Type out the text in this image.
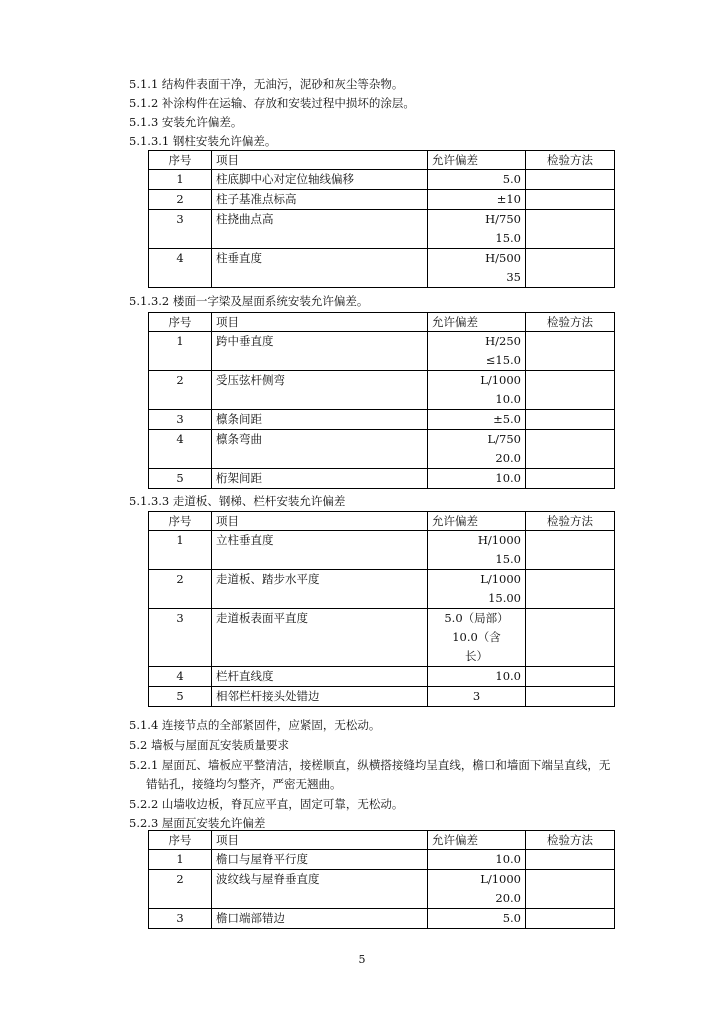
5.1.1 结构件表面干净，无油污，泥砂和灰尘等杂物。
5.1.2 补涂构件在运输、存放和安装过程中损坏的涂层。
5.1.3 安装允许偏差。
5.1.3.1 钢柱安装允许偏差。
序号	项目	允许偏差	检验方法
1	柱底脚中心对定位轴线偏移	5.0	

2	柱子基准点标高	±10	

3	柱挠曲点高	H/750
15.0	

4	柱垂直度	H/500
35	

5.1.3.2 楼面一字梁及屋面系统安装允许偏差。
序号	项目	允许偏差	检验方法
1	跨中垂直度	H/250
≤15.0	

2	受压弦杆侧弯	L/1000
10.0	

3	檩条间距	±5.0	

4	檩条弯曲	L/750
20.0	

5	桁架间距	10.0	

5.1.3.3 走道板、钢梯、栏杆安装允许偏差
序号	项目	允许偏差	检验方法
1	立柱垂直度	H/1000
15.0	

2	走道板、踏步水平度	L/1000
15.00	

3	走道板表面平直度	5.0（局部）
10.0（含
长）	

4	栏杆直线度	10.0	

5	相邻栏杆接头处错边	3	

5.1.4 连接节点的全部紧固件，应紧固，无松动。
5.2 墙板与屋面瓦安装质量要求
5.2.1 屋面瓦、墙板应平整清洁，接槎顺直，纵横搭接缝均呈直线，檐口和墙面下端呈直线，无
错钻孔，接缝均匀整齐，严密无翘曲。
5.2.2 山墙收边板，脊瓦应平直，固定可靠，无松动。
5.2.3 屋面瓦安装允许偏差
序号	项目	允许偏差	检验方法
1	檐口与屋脊平行度	10.0	

2	波纹线与屋脊垂直度	L/1000
20.0	

3	檐口端部错边	5.0	

5
